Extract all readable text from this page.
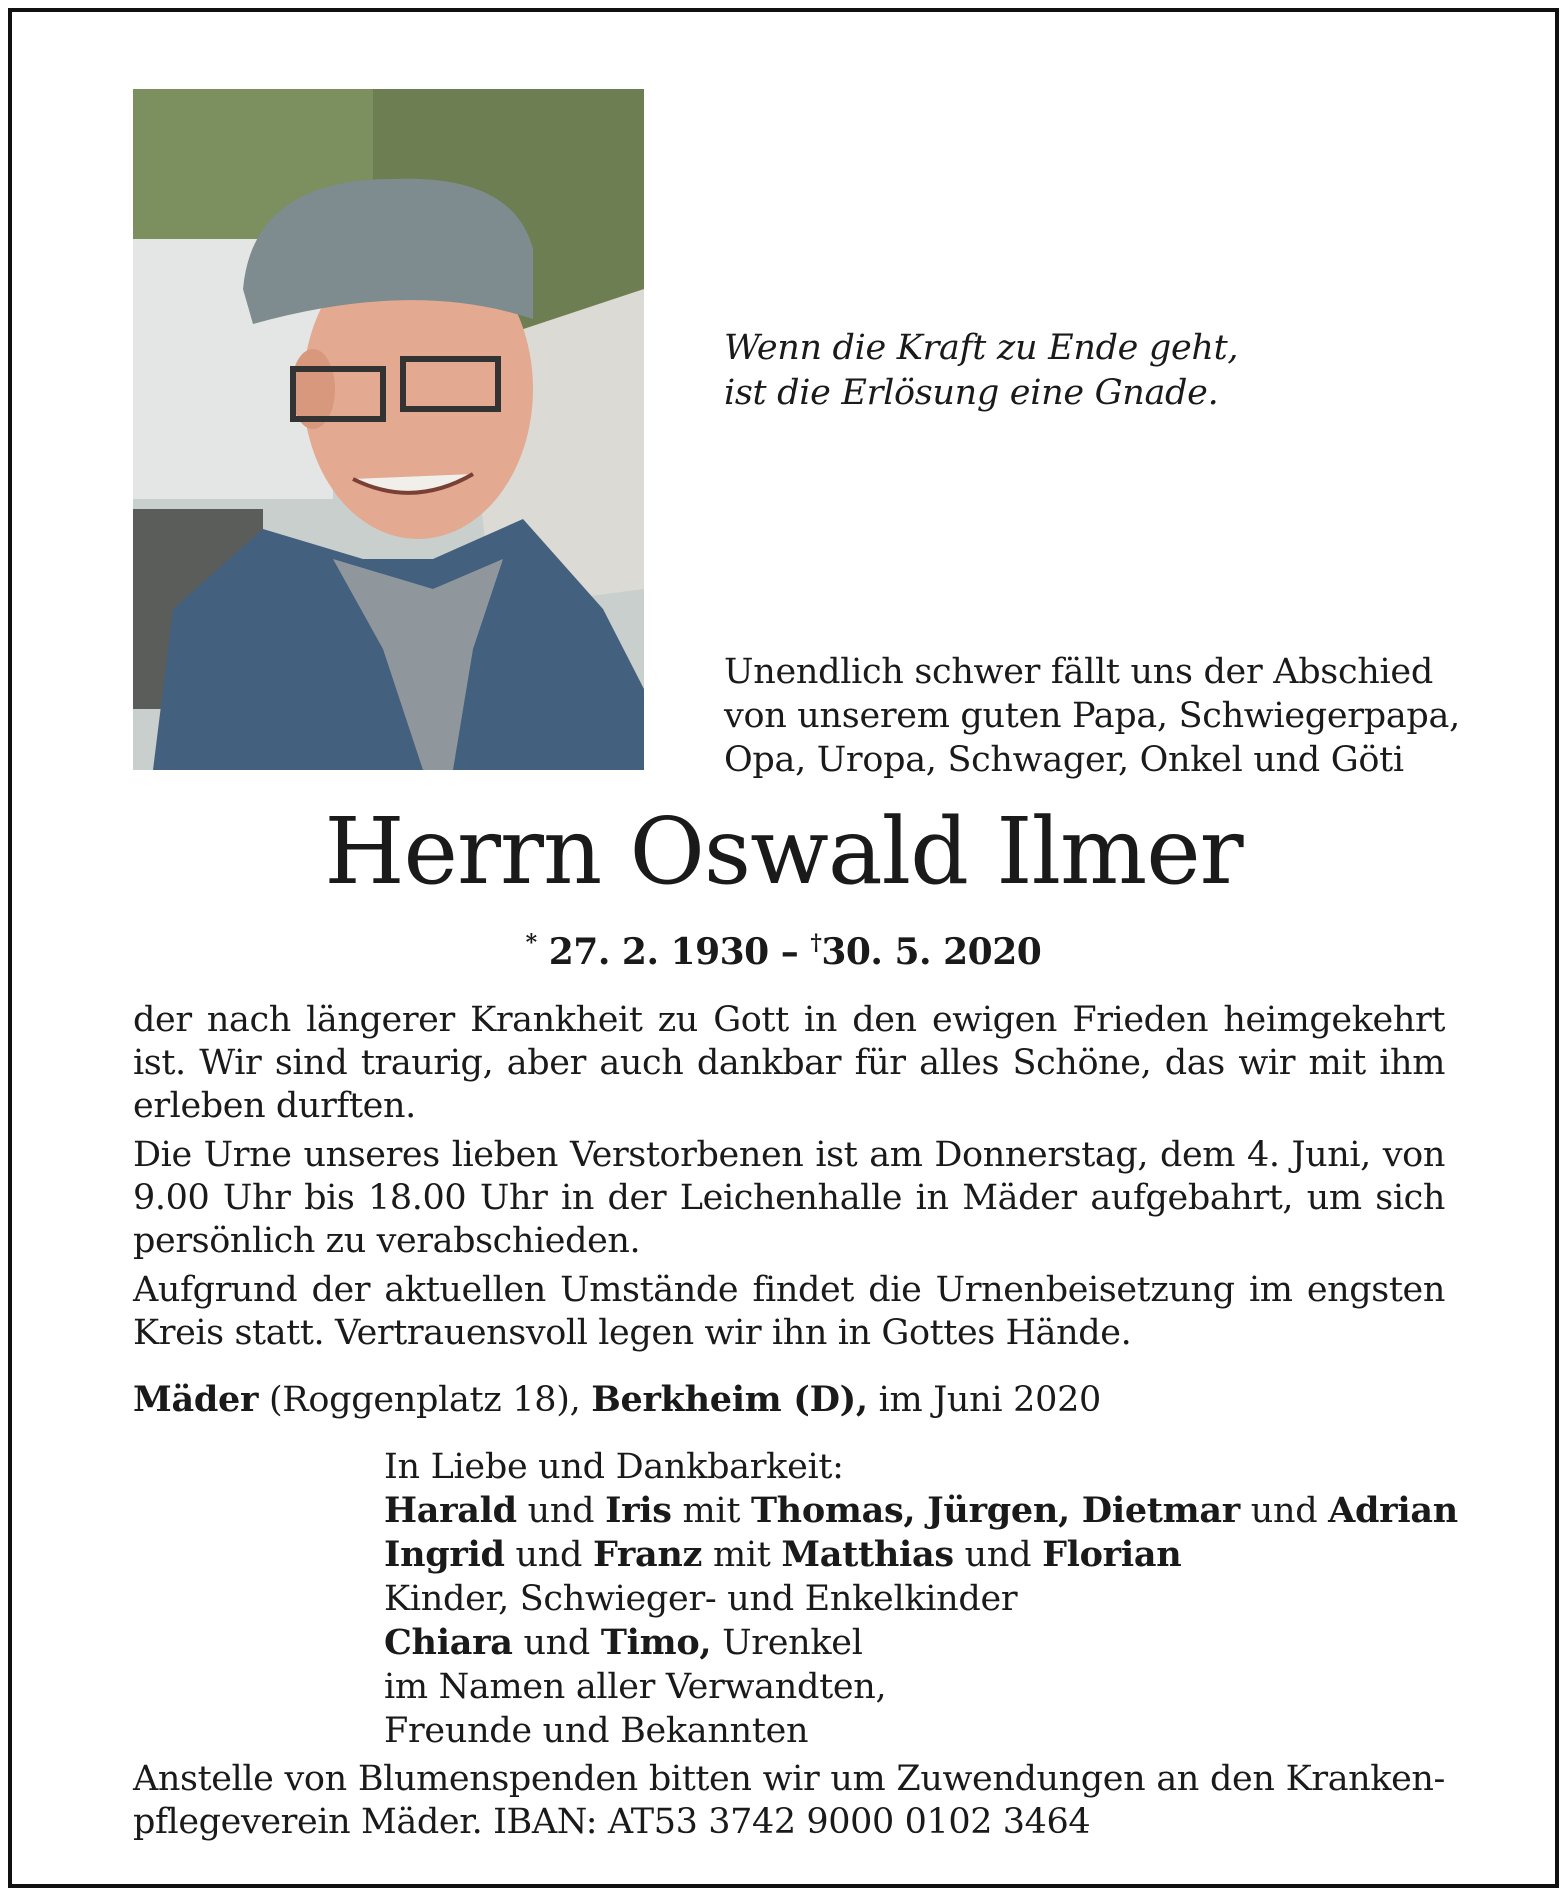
Wenn die Kraft zu Ende geht,
ist die Erlösung eine Gnade.
Unendlich schwer fällt uns der Abschied
von unserem guten Papa, Schwiegerpapa,
Opa, Uropa, Schwager, Onkel und Göti
Herrn Oswald Ilmer
* 27. 2. 1930 – †30. 5. 2020

der nach längerer Krankheit zu Gott in den ewigen Frieden heimgekehrt ist. Wir sind traurig, aber auch dankbar für alles Schöne, das wir mit ihm erleben durften.

Die Urne unseres lieben Verstorbenen ist am Donnerstag, dem 4. Juni, von 9.00 Uhr bis 18.00 Uhr in der Leichenhalle in Mäder aufgebahrt, um sich persönlich zu verabschieden.

Aufgrund der aktuellen Umstände findet die Urnenbeisetzung im engsten Kreis statt. Vertrauensvoll legen wir ihn in Gottes Hände.

Mäder (Roggenplatz 18), Berkheim (D), im Juni 2020
In Liebe und Dankbarkeit:
Harald und Iris mit Thomas, Jürgen, Dietmar und Adrian
Ingrid und Franz mit Matthias und Florian
Kinder, Schwieger- und Enkelkinder
Chiara und Timo, Urenkel
im Namen aller Verwandten,
Freunde und Bekannten

Anstelle von Blumenspenden bitten wir um Zuwendungen an den Kranken-pflegeverein Mäder. IBAN: AT53 3742 9000 0102 3464
